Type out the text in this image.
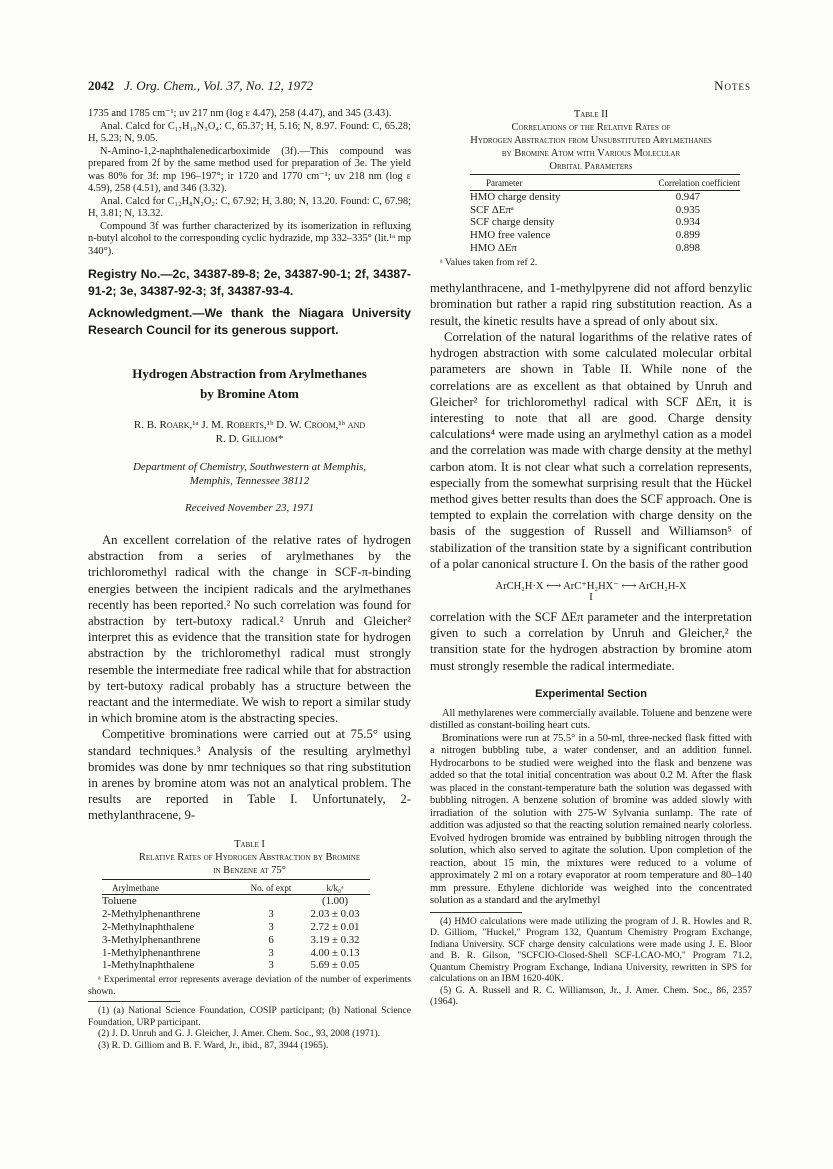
2042 J. Org. Chem., Vol. 37, No. 12, 1972	Notes

1735 and 1785 cm⁻¹; uv 217 nm (log ε 4.47), 258 (4.47), and 345 (3.43).

Anal. Calcd for C₁₇H₁₉N₃O₄: C, 65.37; H, 5.16; N, 8.97. Found: C, 65.28; H, 5.23; N, 9.05.

N-Amino-1,2-naphthalenedicarboximide (3f).—This compound was prepared from 2f by the same method used for preparation of 3e. The yield was 80% for 3f: mp 196–197°; ir 1720 and 1770 cm⁻¹; uv 218 nm (log ε 4.59), 258 (4.51), and 346 (3.32).

Anal. Calcd for C₁₂H₈N₂O₂: C, 67.92; H, 3.80; N, 13.20. Found: C, 67.98; H, 3.81; N, 13.32.

Compound 3f was further characterized by its isomerization in refluxing n-butyl alcohol to the corresponding cyclic hydrazide, mp 332–335° (lit.¹ᵃ mp 340°).

Registry No.—2c, 34387-89-8; 2e, 34387-90-1; 2f, 34387-91-2; 3e, 34387-92-3; 3f, 34387-93-4.

Acknowledgment.—We thank the Niagara University Research Council for its generous support.

Hydrogen Abstraction from Arylmethanes
by Bromine Atom
R. B. Roark,¹ᵃ J. M. Roberts,¹ᵇ D. W. Croom,¹ᵇ and
R. D. Gilliom*
Department of Chemistry, Southwestern at Memphis,
Memphis, Tennessee 38112
Received November 23, 1971

An excellent correlation of the relative rates of hydrogen abstraction from a series of arylmethanes by the trichloromethyl radical with the change in SCF-π-binding energies between the incipient radicals and the arylmethanes recently has been reported.² No such correlation was found for abstraction by tert-butoxy radical.² Unruh and Gleicher² interpret this as evidence that the transition state for hydrogen abstraction by the trichloromethyl radical must strongly resemble the intermediate free radical while that for abstraction by tert-butoxy radical probably has a structure between the reactant and the intermediate. We wish to report a similar study in which bromine atom is the abstracting species.

Competitive brominations were carried out at 75.5° using standard techniques.³ Analysis of the resulting arylmethyl bromides was done by nmr techniques so that ring substitution in arenes by bromine atom was not an analytical problem. The results are reported in Table I. Unfortunately, 2-methylanthracene, 9-

Table I
Relative Rates of Hydrogen Abstraction by Bromine
in Benzene at 75°
Arylmethane	No. of expt	k/k₀ᵃ
Toluene		(1.00)
2-Methylphenanthrene	3	2.03 ± 0.03
2-Methylnaphthalene	3	2.72 ± 0.01
3-Methylphenanthrene	6	3.19 ± 0.32
1-Methylphenanthrene	3	4.00 ± 0.13
1-Methylnaphthalene	3	5.69 ± 0.05
ᵃ Experimental error represents average deviation of the number of experiments shown.

(1) (a) National Science Foundation, COSIP participant; (b) National Science Foundation, URP participant.

(2) J. D. Unruh and G. J. Gleicher, J. Amer. Chem. Soc., 93, 2008 (1971).

(3) R. D. Gilliom and B. F. Ward, Jr., ibid., 87, 3944 (1965).

Table II
Correlations of the Relative Rates of
Hydrogen Abstraction from Unsubstituted Arylmethanes
by Bromine Atom with Various Molecular
Orbital Parameters
Parameter	Correlation coefficient
HMO charge density	0.947
SCF ΔEπᵃ	0.935
SCF charge density	0.934
HMO free valence	0.899
HMO ΔEπ	0.898
ᵃ Values taken from ref 2.

methylanthracene, and 1-methylpyrene did not afford benzylic bromination but rather a rapid ring substitution reaction. As a result, the kinetic results have a spread of only about six.

Correlation of the natural logarithms of the relative rates of hydrogen abstraction with some calculated molecular orbital parameters are shown in Table II. While none of the correlations are as excellent as that obtained by Unruh and Gleicher² for trichloromethyl radical with SCF ΔEπ, it is interesting to note that all are good. Charge density calculations⁴ were made using an arylmethyl cation as a model and the correlation was made with charge density at the methyl carbon atom. It is not clear what such a correlation represents, especially from the somewhat surprising result that the Hückel method gives better results than does the SCF approach. One is tempted to explain the correlation with charge density on the basis of the suggestion of Russell and Williamson⁵ of stabilization of the transition state by a significant contribution of a polar canonical structure I. On the basis of the rather good

ArCH₂H·X ⟷ ArC⁺H₂HX⁻ ⟷ ArCH₂H-X
I

correlation with the SCF ΔEπ parameter and the interpretation given to such a correlation by Unruh and Gleicher,² the transition state for the hydrogen abstraction by bromine atom must strongly resemble the radical intermediate.

Experimental Section

All methylarenes were commercially available. Toluene and benzene were distilled as constant-boiling heart cuts.

Brominations were run at 75.5° in a 50-ml, three-necked flask fitted with a nitrogen bubbling tube, a water condenser, and an addition funnel. Hydrocarbons to be studied were weighed into the flask and benzene was added so that the total initial concentration was about 0.2 M. After the flask was placed in the constant-temperature bath the solution was degassed with bubbling nitrogen. A benzene solution of bromine was added slowly with irradiation of the solution with 275-W Sylvania sunlamp. The rate of addition was adjusted so that the reacting solution remained nearly colorless. Evolved hydrogen bromide was entrained by bubbling nitrogen through the solution, which also served to agitate the solution. Upon completion of the reaction, about 15 min, the mixtures were reduced to a volume of approximately 2 ml on a rotary evaporator at room temperature and 80–140 mm pressure. Ethylene dichloride was weighed into the concentrated solution as a standard and the arylmethyl

(4) HMO calculations were made utilizing the program of J. R. Howles and R. D. Gilliom, "Huckel," Program 132, Quantum Chemistry Program Exchange, Indiana University. SCF charge density calculations were made using J. E. Bloor and B. R. Gilson, "SCFCIO-Closed-Shell SCF-LCAO-MO," Program 71.2, Quantum Chemistry Program Exchange, Indiana University, rewritten in SPS for calculations on an IBM 1620-40K.

(5) G. A. Russell and R. C. Williamson, Jr., J. Amer. Chem. Soc., 86, 2357 (1964).
